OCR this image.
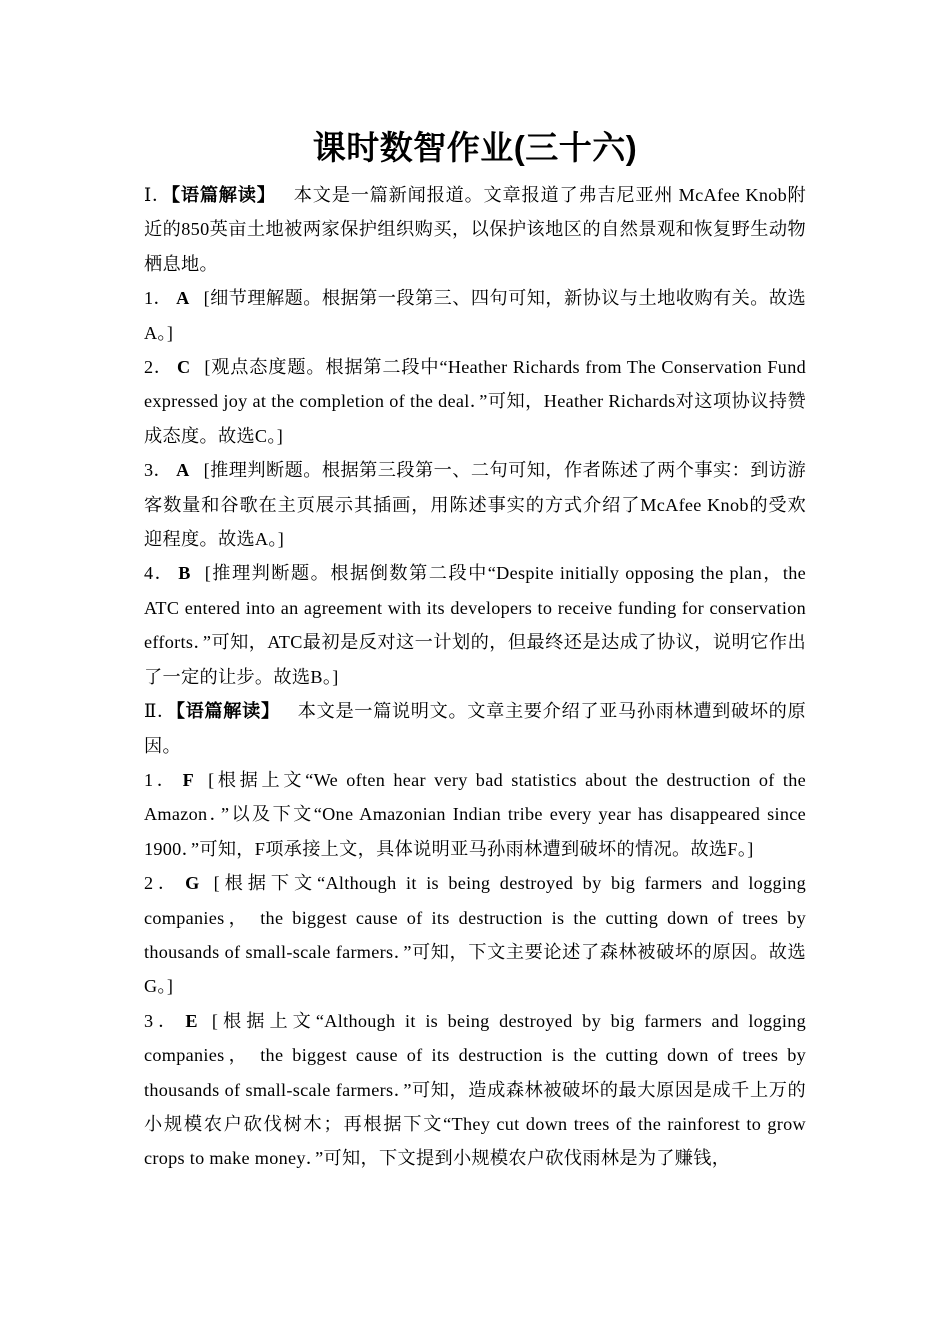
课时数智作业(三十六)

Ⅰ．【语篇解读】 本文是一篇新闻报道。文章报道了弗吉尼亚州 McAfee Knob附近的850英亩土地被两家保护组织购买，以保护该地区的自然景观和恢复野生动物栖息地。

1． A [细节理解题。根据第一段第三、四句可知，新协议与土地收购有关。故选A。]

2． C [观点态度题。根据第二段中“Heather Richards from The Conservation Fund expressed joy at the completion of the deal．”可知，Heather Richards对这项协议持赞成态度。故选C。]

3． A [推理判断题。根据第三段第一、二句可知，作者陈述了两个事实：到访游客数量和谷歌在主页展示其插画，用陈述事实的方式介绍了McAfee Knob的受欢迎程度。故选A。]

4． B [推理判断题。根据倒数第二段中“Despite initially opposing the plan，the ATC entered into an agreement with its developers to receive funding for conservation efforts．”可知，ATC最初是反对这一计划的，但最终还是达成了协议，说明它作出了一定的让步。故选B。]

Ⅱ．【语篇解读】 本文是一篇说明文。文章主要介绍了亚马孙雨林遭到破坏的原因。

1． F [根据上文“We often hear very bad statistics about the destruction of the Amazon．”以及下文“One Amazonian Indian tribe every year has disappeared since 1900．”可知，F项承接上文，具体说明亚马孙雨林遭到破坏的情况。故选F。]

2． G [根据下文“Although it is being destroyed by big farmers and logging companies， the biggest cause of its destruction is the cutting down of trees by thousands of small-scale farmers．”可知，下文主要论述了森林被破坏的原因。故选G。]

3． E [根据上文“Although it is being destroyed by big farmers and logging companies， the biggest cause of its destruction is the cutting down of trees by thousands of small-scale farmers．”可知，造成森林被破坏的最大原因是成千上万的小规模农户砍伐树木；再根据下文“They cut down trees of the rainforest to grow crops to make money．”可知，下文提到小规模农户砍伐雨林是为了赚钱，
